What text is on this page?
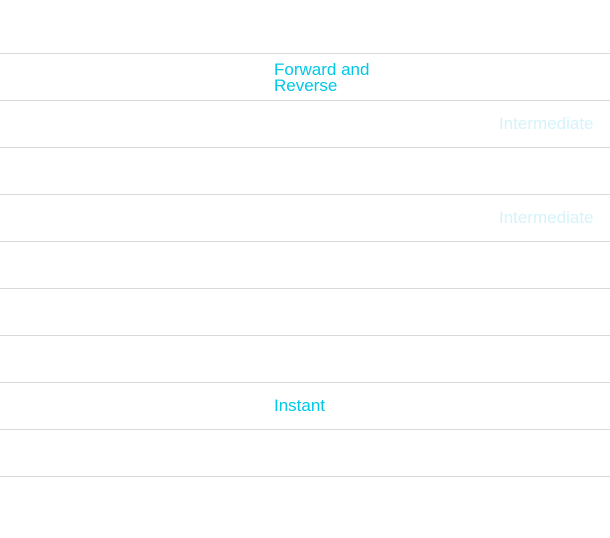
Forward and Reverse
Intermediate
Intermediate
Instant
